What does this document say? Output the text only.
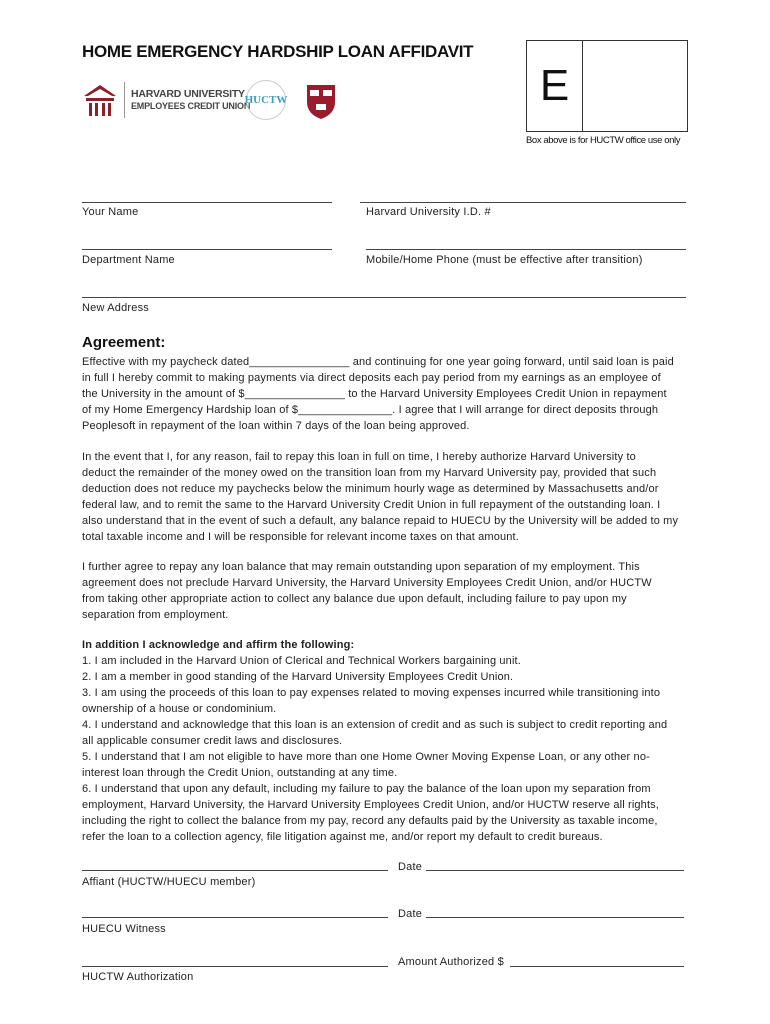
HOME EMERGENCY HARDSHIP LOAN AFFIDAVIT
HARVARD UNIVERSITY
EMPLOYEES CREDIT UNION
HUCTW	E
Box above is for HUCTW office use only
Your Name	Harvard University I.D. #
Department Name	Mobile/Home Phone (must be effective after transition)
New Address
Agreement:
Effective with my paycheck dated________________ and continuing for one year going forward, until said loan is paid
in full I hereby commit to making payments via direct deposits each pay period from my earnings as an employee of
the University in the amount of $________________ to the Harvard University Employees Credit Union in repayment
of my Home Emergency Hardship loan of $_______________. I agree that I will arrange for direct deposits through
Peoplesoft in repayment of the loan within 7 days of the loan being approved.
In the event that I, for any reason, fail to repay this loan in full on time, I hereby authorize Harvard University to
deduct the remainder of the money owed on the transition loan from my Harvard University pay, provided that such
deduction does not reduce my paychecks below the minimum hourly wage as determined by Massachusetts and/or
federal law, and to remit the same to the Harvard University Credit Union in full repayment of the outstanding loan. I
also understand that in the event of such a default, any balance repaid to HUECU by the University will be added to my
total taxable income and I will be responsible for relevant income taxes on that amount.
I further agree to repay any loan balance that may remain outstanding upon separation of my employment. This
agreement does not preclude Harvard University, the Harvard University Employees Credit Union, and/or HUCTW
from taking other appropriate action to collect any balance due upon default, including failure to pay upon my
separation from employment.
In addition I acknowledge and affirm the following:
1. I am included in the Harvard Union of Clerical and Technical Workers bargaining unit.
2. I am a member in good standing of the Harvard University Employees Credit Union.
3. I am using the proceeds of this loan to pay expenses related to moving expenses incurred while transitioning into
ownership of a house or condominium.
4. I understand and acknowledge that this loan is an extension of credit and as such is subject to credit reporting and
all applicable consumer credit laws and disclosures.
5. I understand that I am not eligible to have more than one Home Owner Moving Expense Loan, or any other no-
interest loan through the Credit Union, outstanding at any time.
6. I understand that upon any default, including my failure to pay the balance of the loan upon my separation from
employment, Harvard University, the Harvard University Employees Credit Union, and/or HUCTW reserve all rights,
including the right to collect the balance from my pay, record any defaults paid by the University as taxable income,
refer the loan to a collection agency, file litigation against me, and/or report my default to credit bureaus.
Date
Affiant (HUCTW/HUECU member)
Date
HUECU Witness
Amount Authorized $
HUCTW Authorization
